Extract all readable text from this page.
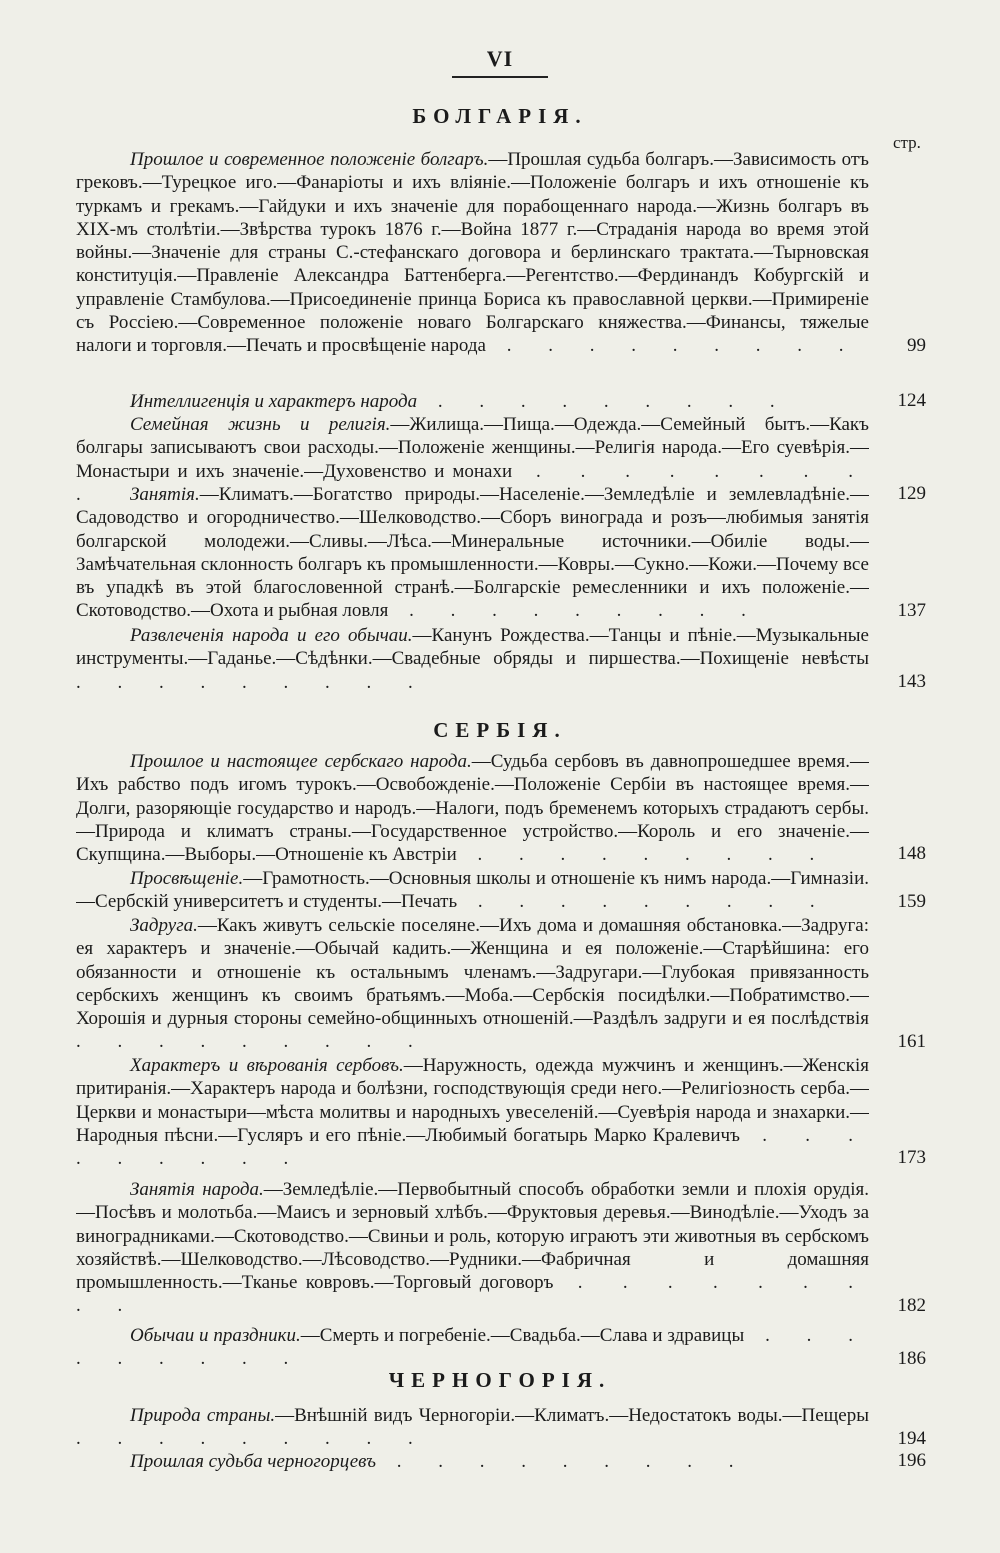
VI
БОЛГАРІЯ.
стр.
СЕРБІЯ.
ЧЕРНОГОРІЯ.
Прошлое и современное положеніе болгаръ.—Прошлая судьба болгаръ.—Зависимость отъ грековъ.—Турецкое иго.—Фанаріоты и ихъ вліяніе.—Положеніе болгаръ и ихъ отношеніе къ туркамъ и грекамъ.—Гайдуки и ихъ значеніе для порабощеннаго народа.—Жизнь болгаръ въ XIX-мъ столѣтіи.—Звѣрства турокъ 1876 г.—Война 1877 г.—Страданія народа во время этой войны.—Значеніе для страны С.-стефанскаго договора и берлинскаго трактата.—Тырновская конституція.—Правленіе Александра Баттенберга.—Регентство.—Фердинандъ Кобургскій и управленіе Стамбулова.—Присоединеніе принца Бориса къ православной церкви.—Примиреніе съ Россіею.—Современное положеніе новаго Болгарскаго княжества.—Финансы, тяжелые налоги и торговля.—Печать и просвѣщеніе народа . . . . . . . . .	99
Интеллигенція и характеръ народа . . . . . . . . .	124
Семейная жизнь и религія.—Жилища.—Пища.—Одежда.—Семейный бытъ.—Какъ болгары записываютъ свои расходы.—Положеніе женщины.—Религія народа.—Его суевѣрія.—Монастыри и ихъ значеніе.—Духовенство и монахи . . . . . . . . .	129
Занятія.—Климатъ.—Богатство природы.—Населеніе.—Земледѣліе и землевладѣніе.—Садоводство и огородничество.—Шелководство.—Сборъ винограда и розъ—любимыя занятія болгарской молодежи.—Сливы.—Лѣса.—Минеральные источники.—Обиліе воды.—Замѣчательная склонность болгаръ къ промышленности.—Ковры.—Сукно.—Кожи.—Почему все въ упадкѣ въ этой благословенной странѣ.—Болгарскіе ремесленники и ихъ положеніе.—Скотоводство.—Охота и рыбная ловля . . . . . . . . .	137
Развлеченія народа и его обычаи.—Канунъ Рождества.—Танцы и пѣніе.—Музыкальные инструменты.—Гаданье.—Сѣдѣнки.—Свадебные обряды и пиршества.—Похищеніе невѣсты . . . . . . . . .	143
Прошлое и настоящее сербскаго народа.—Судьба сербовъ въ давнопрошедшее время.—Ихъ рабство подъ игомъ турокъ.—Освобожденіе.—Положеніе Сербіи въ настоящее время.—Долги, разоряющіе государство и народъ.—Налоги, подъ бременемъ которыхъ страдаютъ сербы.—Природа и климатъ страны.—Государственное устройство.—Король и его значеніе.—Скупщина.—Выборы.—Отношеніе къ Австріи . . . . . . . . .	148
Просвѣщеніе.—Грамотность.—Основныя школы и отношеніе къ нимъ народа.—Гимназіи.—Сербскій университетъ и студенты.—Печать . . . . . . . . .	159
Задруга.—Какъ живутъ сельскіе поселяне.—Ихъ дома и домашняя обстановка.—Задруга: ея характеръ и значеніе.—Обычай кадить.—Женщина и ея положеніе.—Старѣйшина: его обязанности и отношеніе къ остальнымъ членамъ.—Задругари.—Глубокая привязанность сербскихъ женщинъ къ своимъ братьямъ.—Моба.—Сербскія посидѣлки.—Побратимство.—Хорошія и дурныя стороны семейно-общинныхъ отношеній.—Раздѣлъ задруги и ея послѣдствія . . . . . . . . .	161
Характеръ и вѣрованія сербовъ.—Наружность, одежда мужчинъ и женщинъ.—Женскія притиранія.—Характеръ народа и болѣзни, господствующія среди него.—Религіозность серба.—Церкви и монастыри—мѣста молитвы и народныхъ увеселеній.—Суевѣрія народа и знахарки.—Народныя пѣсни.—Гусляръ и его пѣніе.—Любимый богатырь Марко Кралевичъ . . . . . . . . .	173
Занятія народа.—Земледѣліе.—Первобытный способъ обработки земли и плохія орудія.—Посѣвъ и молотьба.—Маисъ и зерновый хлѣбъ.—Фруктовыя деревья.—Винодѣліе.—Уходъ за виноградниками.—Скотоводство.—Свиньи и роль, которую играютъ эти животныя въ сербскомъ хозяйствѣ.—Шелководство.—Лѣсоводство.—Рудники.—Фабричная и домашняя промышленность.—Тканье ковровъ.—Торговый договоръ . . . . . . . . .	182
Обычаи и праздники.—Смерть и погребеніе.—Свадьба.—Слава и здравицы . . . . . . . . .	186
Природа страны.—Внѣшній видъ Черногоріи.—Климатъ.—Недостатокъ воды.—Пещеры . . . . . . . . .	194
Прошлая судьба черногорцевъ . . . . . . . . .	196
